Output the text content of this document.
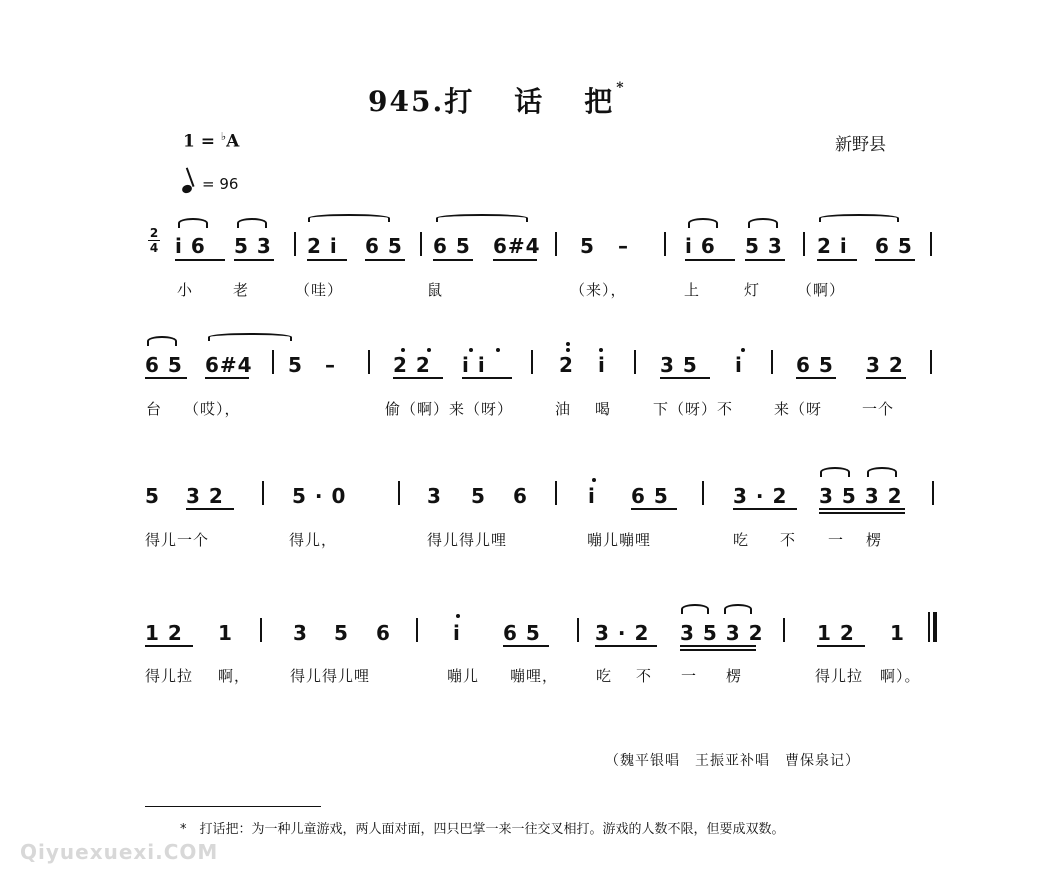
945.打 话 把 *
1 = ♭A	新野县
= 96
2
4 i 6 5 3 2 i 6 5 6 5 6#4 5 –	i 6 5 3 2 i 6 5
小	老	（哇）	鼠	（来），	上	灯 （啊）
6 5 6#4 5 –	2 2 i i	2 i	3 5 i	6 5 3 2
台 （哎），	偷（啊）来（呀）	油 喝	下（呀）不	来（呀	一个
5 3 2	5 · 0	3 5 6	i 6 5	3 · 2 3 5 3 2
得儿一个	得儿，	得儿得儿哩	嘣儿嘣哩	吃 不 一 楞
1 2 1	3 5 6	i 6 5	3 · 2 3 5 3 2	1 2 1
得儿拉 啊，	得儿得儿哩	嘣儿 嘣哩，	吃 不 一 楞	得儿拉 啊）。
（魏平银唱　王振亚补唱　曹保泉记）
*　打话把：为一种儿童游戏，两人面对面，四只巴掌一来一往交叉相打。游戏的人数不限，但要成双数。
Qiyuexuexi.COM
